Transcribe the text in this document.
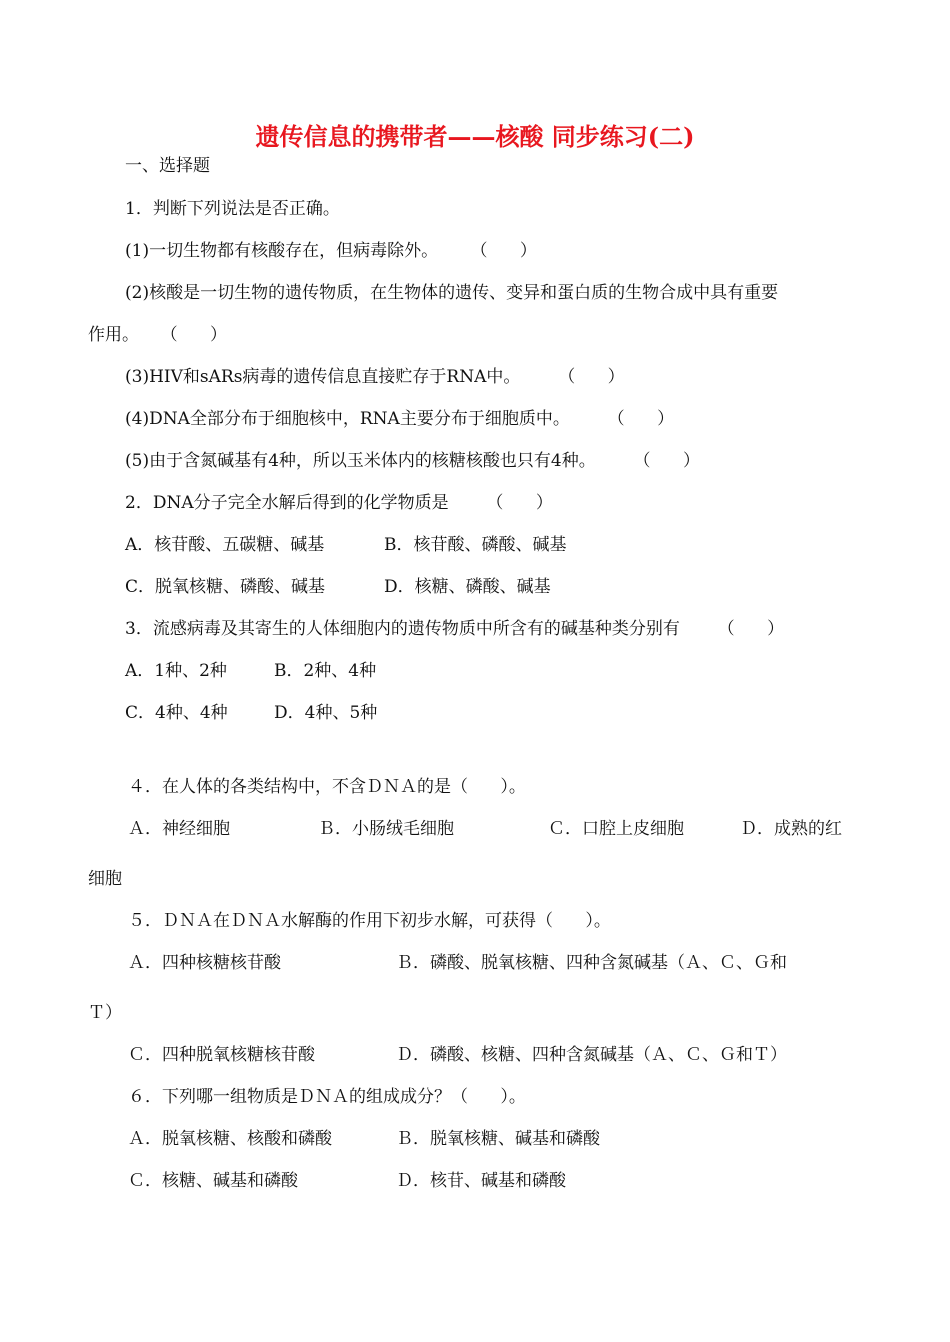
遗传信息的携带者——核酸 同步练习(二)
一、选择题
1．判断下列说法是否正确。
(1)一切生物都有核酸存在，但病毒除外。      （      ）
(2)核酸是一切生物的遗传物质，在生物体的遗传、变异和蛋白质的生物合成中具有重要
作用。    （      ）
(3)HIV和sARs病毒的遗传信息直接贮存于RNA中。       （      ）
(4)DNA全部分布于细胞核中，RNA主要分布于细胞质中。       （      ）
(5)由于含氮碱基有4种，所以玉米体内的核糖核酸也只有4种。       （      ）
2．DNA分子完全水解后得到的化学物质是       （      ）
A．核苷酸、五碳糖、碱基	B．核苷酸、磷酸、碱基
C．脱氧核糖、磷酸、碱基	D．核糖、磷酸、碱基
3．流感病毒及其寄生的人体细胞内的遗传物质中所含有的碱基种类分别有       （      ）
A．1种、2种	B．2种、4种
C．4种、4种	D．4种、5种
４．在人体的各类结构中，不含ＤＮＡ的是（      ）。
Ａ．神经细胞	Ｂ．小肠绒毛细胞	Ｃ．口腔上皮细胞	Ｄ．成熟的红
细胞
５．ＤＮＡ在ＤＮＡ水解酶的作用下初步水解，可获得（      ）。
Ａ．四种核糖核苷酸	Ｂ．磷酸、脱氧核糖、四种含氮碱基（Ａ、Ｃ、Ｇ和
Ｔ）
Ｃ．四种脱氧核糖核苷酸	Ｄ．磷酸、核糖、四种含氮碱基（Ａ、Ｃ、Ｇ和Ｔ）
６．下列哪一组物质是ＤＮＡ的组成成分？（      ）。
Ａ．脱氧核糖、核酸和磷酸	Ｂ．脱氧核糖、碱基和磷酸
Ｃ．核糖、碱基和磷酸	Ｄ．核苷、碱基和磷酸
